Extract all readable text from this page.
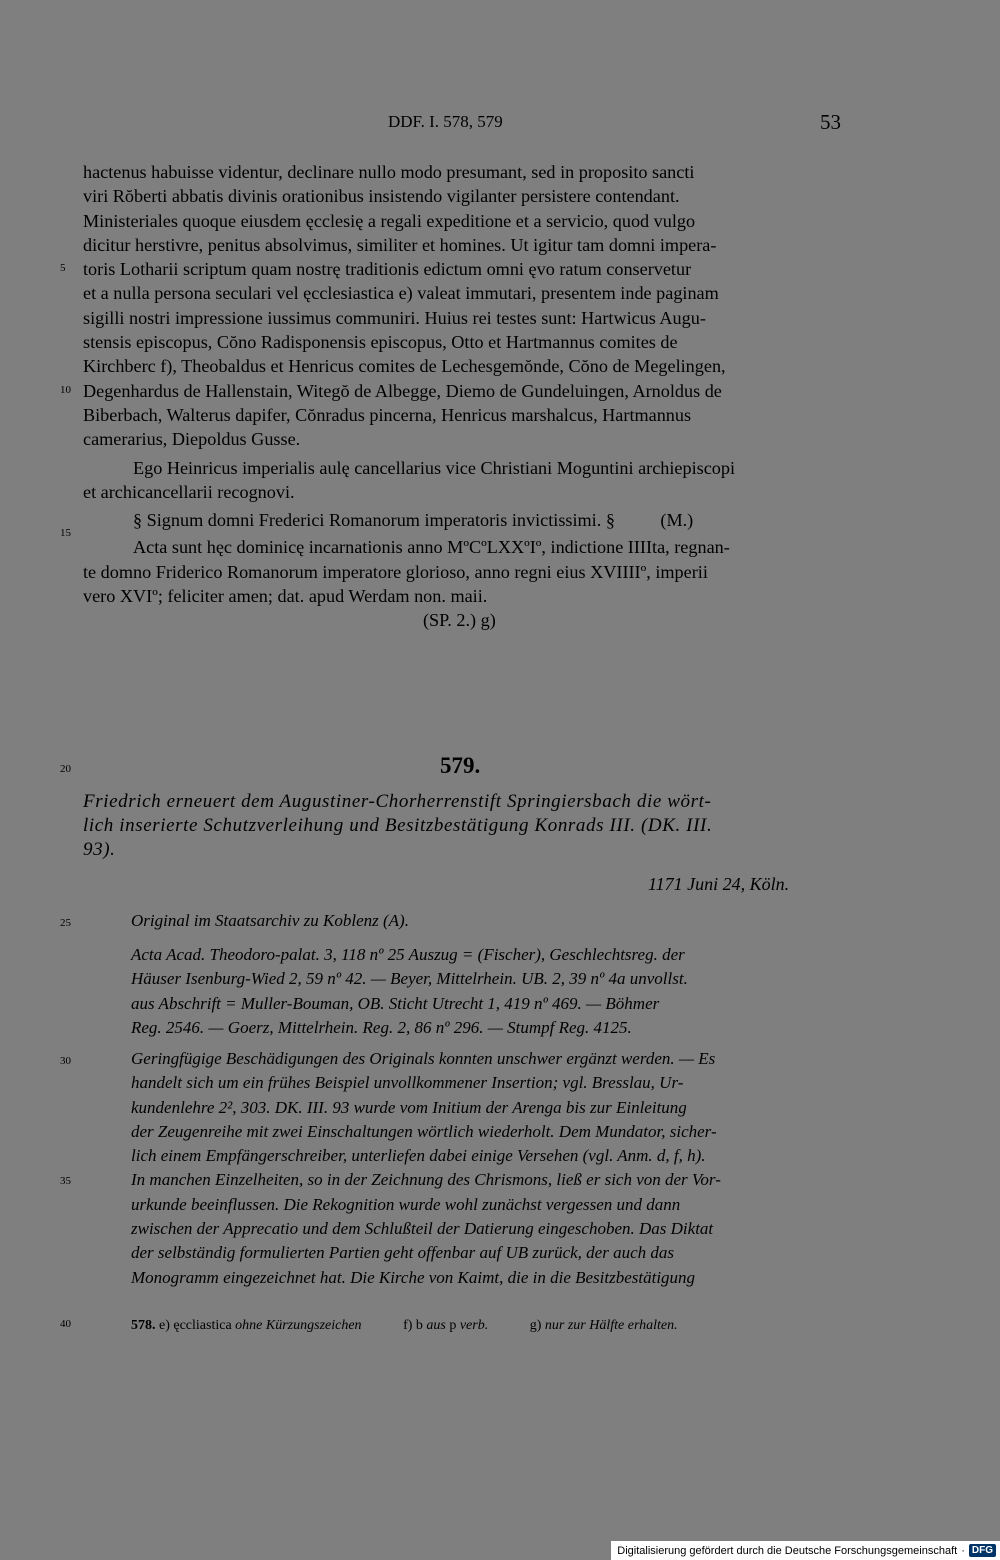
DDF. I. 578, 579	53
5
10
15
20
25
30
35
40
hactenus habuisse videntur, declinare nullo modo presumant, sed in proposito sancti
viri Rŏberti abbatis divinis orationibus insistendo vigilanter persistere contendant.
Ministeriales quoque eiusdem ęcclesię a regali expeditione et a servicio, quod vulgo
dicitur herstivre, penitus absolvimus, similiter et homines. Ut igitur tam domni impera-
toris Lotharii scriptum quam nostrę traditionis edictum omni ęvo ratum conservetur
et a nulla persona seculari vel ęcclesiastica e) valeat immutari, presentem inde paginam
sigilli nostri impressione iussimus communiri. Huius rei testes sunt: Hartwicus Augu-
stensis episcopus, Cŏno Radisponensis episcopus, Otto et Hartmannus comites de
Kirchberc f), Theobaldus et Henricus comites de Lechesgemŏnde, Cŏno de Megelingen,
Degenhardus de Hallenstain, Witegŏ de Albegge, Diemo de Gundeluingen, Arnoldus de
Biberbach, Walterus dapifer, Cŏnradus pincerna, Henricus marshalcus, Hartmannus
camerarius, Diepoldus Gusse.
Ego Heinricus imperialis aulę cancellarius vice Christiani Moguntini archiepiscopi
et archicancellarii recognovi.
§ Signum domni Frederici Romanorum imperatoris invictissimi. §          (M.)
Acta sunt hęc dominicę incarnationis anno MºCºLXXºIº, indictione IIIIta, regnan-
te domno Friderico Romanorum imperatore glorioso, anno regni eius XVIIIIº, imperii
vero XVIº; feliciter amen; dat. apud Werdam non. maii.
(SP. 2.) g)
579.
Friedrich erneuert dem Augustiner-Chorherrenstift Springiersbach die wört-
lich inserierte Schutzverleihung und Besitzbestätigung Konrads III. (DK. III.
93).
1171 Juni 24, Köln.
Original im Staatsarchiv zu Koblenz (A).
Acta Acad. Theodoro-palat. 3, 118 nº 25 Auszug = (Fischer), Geschlechtsreg. der
Häuser Isenburg-Wied 2, 59 nº 42. — Beyer, Mittelrhein. UB. 2, 39 nº 4a unvollst.
aus Abschrift = Muller-Bouman, OB. Sticht Utrecht 1, 419 nº 469. — Böhmer
Reg. 2546. — Goerz, Mittelrhein. Reg. 2, 86 nº 296. — Stumpf Reg. 4125.
Geringfügige Beschädigungen des Originals konnten unschwer ergänzt werden. — Es
handelt sich um ein frühes Beispiel unvollkommener Insertion; vgl. Bresslau, Ur-
kundenlehre 2², 303. DK. III. 93 wurde vom Initium der Arenga bis zur Einleitung
der Zeugenreihe mit zwei Einschaltungen wörtlich wiederholt. Dem Mundator, sicher-
lich einem Empfängerschreiber, unterliefen dabei einige Versehen (vgl. Anm. d, f, h).
In manchen Einzelheiten, so in der Zeichnung des Chrismons, ließ er sich von der Vor-
urkunde beeinflussen. Die Rekognition wurde wohl zunächst vergessen und dann
zwischen der Apprecatio und dem Schlußteil der Datierung eingeschoben. Das Diktat
der selbständig formulierten Partien geht offenbar auf UB zurück, der auch das
Monogramm eingezeichnet hat. Die Kirche von Kaimt, die in die Besitzbestätigung
578. e) ęccliastica ohne Kürzungszeichen	f) b aus p verb.	g) nur zur Hälfte erhalten.
Digitalisierung gefördert durch die Deutsche Forschungsgemeinschaft · DFG
